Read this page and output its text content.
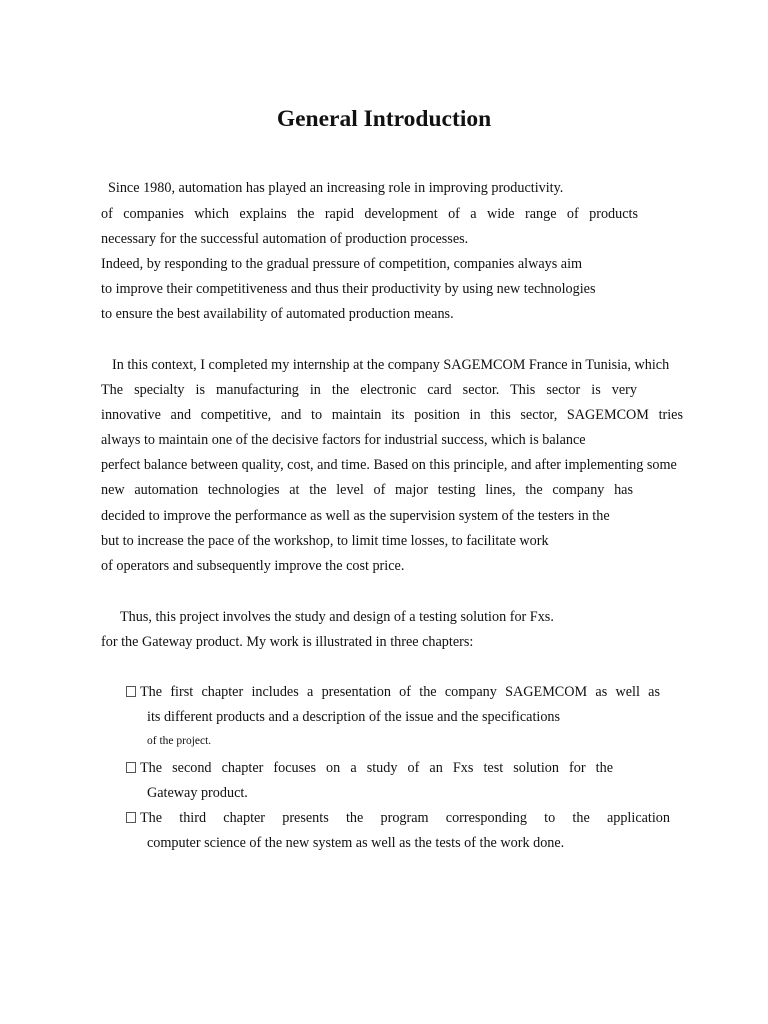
General Introduction
Since 1980, automation has played an increasing role in improving productivity.
of companies which explains the rapid development of a wide range of products
necessary for the successful automation of production processes.
Indeed, by responding to the gradual pressure of competition, companies always aim
to improve their competitiveness and thus their productivity by using new technologies
to ensure the best availability of automated production means.
In this context, I completed my internship at the company SAGEMCOM France in Tunisia, which
The specialty is manufacturing in the electronic card sector. This sector is very
innovative and competitive, and to maintain its position in this sector, SAGEMCOM tries
always to maintain one of the decisive factors for industrial success, which is balance
perfect balance between quality, cost, and time. Based on this principle, and after implementing some
new automation technologies at the level of major testing lines, the company has
decided to improve the performance as well as the supervision system of the testers in the
but to increase the pace of the workshop, to limit time losses, to facilitate work
of operators and subsequently improve the cost price.
Thus, this project involves the study and design of a testing solution for Fxs.
for the Gateway product. My work is illustrated in three chapters:
The first chapter includes a presentation of the company SAGEMCOM as well as
its different products and a description of the issue and the specifications
of the project.
The second chapter focuses on a study of an Fxs test solution for the
Gateway product.
The third chapter presents the program corresponding to the application
computer science of the new system as well as the tests of the work done.
